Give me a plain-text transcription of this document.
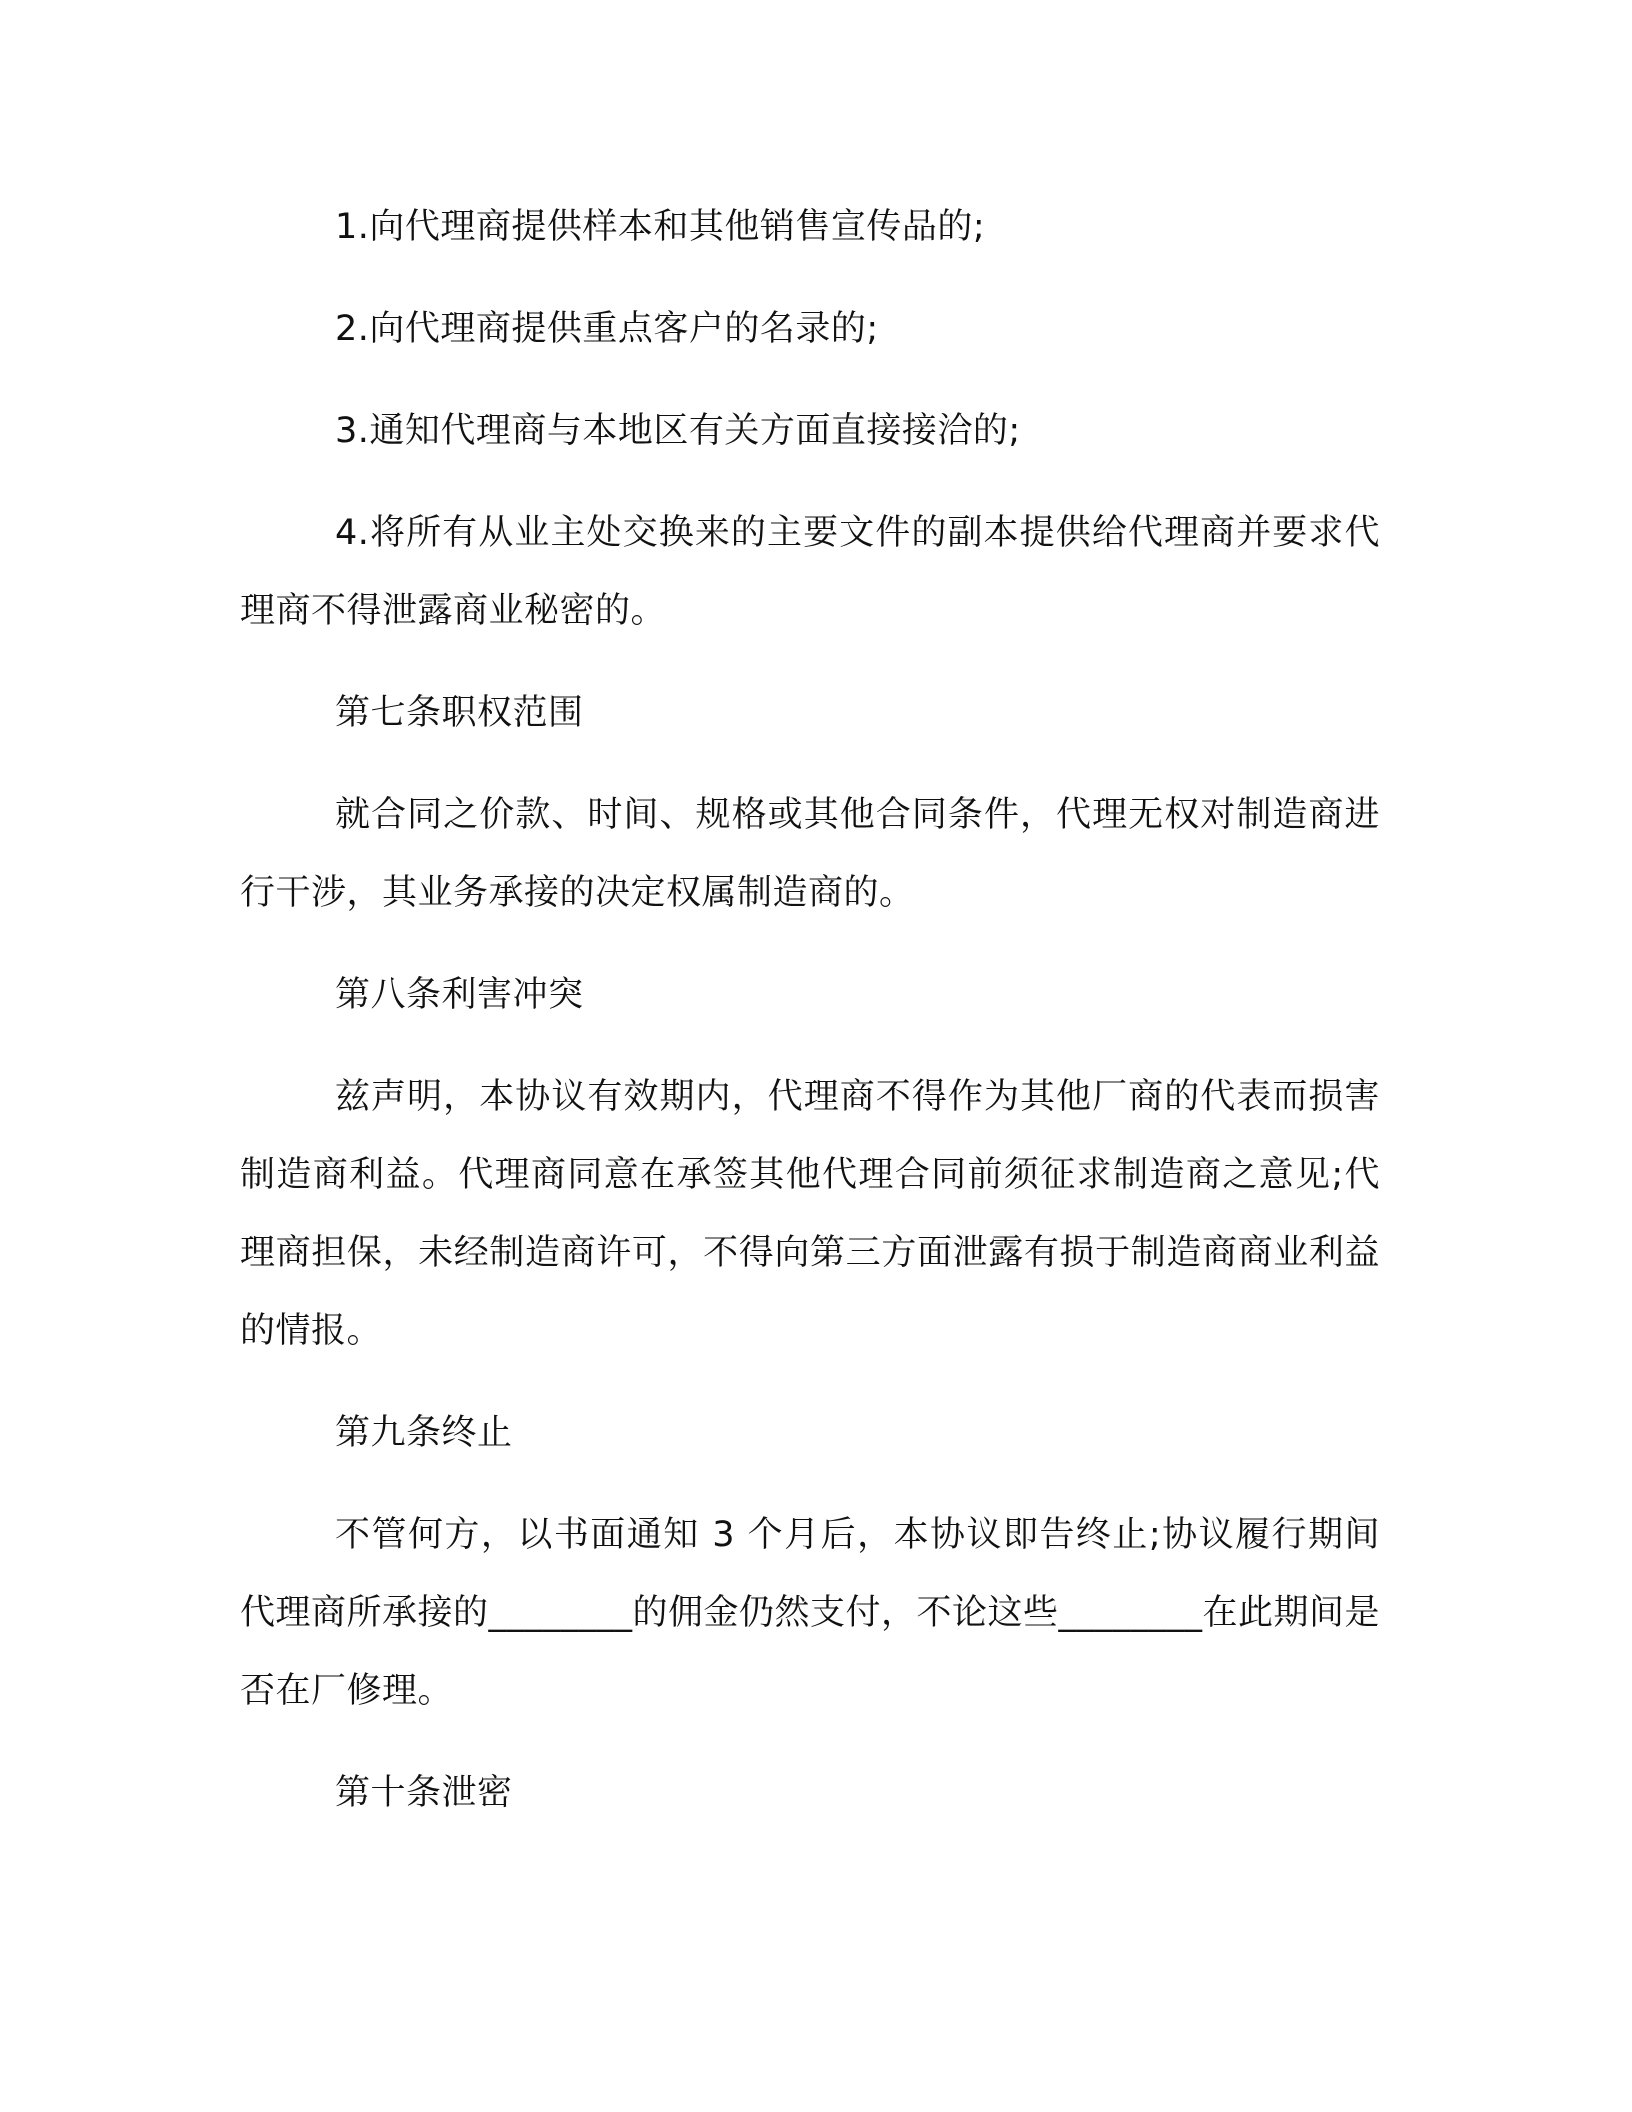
1.向代理商提供样本和其他销售宣传品的;

2.向代理商提供重点客户的名录的;

3.通知代理商与本地区有关方面直接接洽的;

4.将所有从业主处交换来的主要文件的副本提供给代理商并要求代理商不得泄露商业秘密的。

第七条职权范围

就合同之价款、时间、规格或其他合同条件，代理无权对制造商进行干涉，其业务承接的决定权属制造商的。

第八条利害冲突

兹声明，本协议有效期内，代理商不得作为其他厂商的代表而损害制造商利益。代理商同意在承签其他代理合同前须征求制造商之意见;代理商担保，未经制造商许可，不得向第三方面泄露有损于制造商商业利益的情报。

第九条终止

不管何方，以书面通知 3 个月后，本协议即告终止;协议履行期间代理商所承接的________的佣金仍然支付，不论这些________在此期间是否在厂修理。

第十条泄密
